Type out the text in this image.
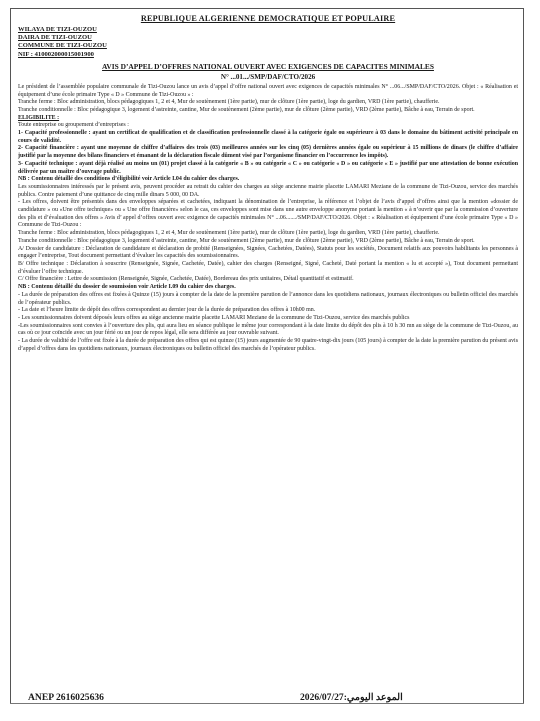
REPUBLIQUE ALGERIENNE DEMOCRATIQUE ET POPULAIRE
WILAYA DE TIZI-OUZOU
DAIRA DE TIZI-OUZOU
COMMUNE DE TIZI-OUZOU
NIF : 410002000015001900
AVIS D’APPEL D’OFFRES NATIONAL OUVERT AVEC EXIGENCES DE CAPACITES MINIMALES
N° ...01.../SMP/DAF/CTO/2026

Le président de l’assemblée populaire communale de Tizi-Ouzou lance un avis d’appel d’offre national ouvert avec exigences de capacités minimales N° ...06.../SMP/DAF/CTO/2026. Objet : « Réalisation et équipement d’une école primaire Type « D » Commune de Tizi-Ouzou » :

Tranche ferme : Bloc administration, blocs pédagogiques 1, 2 et 4, Mur de soutènement (1ère partie), mur de clôture (1ère partie), loge du gardien, VRD (1ère partie), chaufferie.

Tranche conditionnelle : Bloc pédagogique 3, logement d’astreinte, cantine, Mur de soutènement (2ème partie), mur de clôture (2ème partie), VRD (2ème partie), Bâche à eau, Terrain de sport.

ELIGIBILITE :

Toute entreprise ou groupement d’entreprises :

1- Capacité professionnelle : ayant un certificat de qualification et de classification professionnelle classé à la catégorie égale ou supérieure à 03 dans le domaine du bâtiment activité principale en cours de validité.

2- Capacité financière : ayant une moyenne de chiffre d’affaires des trois (03) meilleures années sur les cinq (05) dernières années égale ou supérieur à 15 millions de dinars (le chiffre d’affaire justifié par la moyenne des bilans financiers et émanant de la déclaration fiscale dûment visé par l’organisme financier en l’occurrence les impôts).

3- Capacité technique : ayant déjà réalisé au moins un (01) projet classé à la catégorie « B » ou catégorie « C » ou catégorie « D » ou catégorie « E » justifié par une attestation de bonne exécution délivrée par un maître d’ouvrage public.

NB : Contenu détaillé des conditions d’éligibilité voir Article I.04 du cahier des charges.

Les soumissionnaires intéressés par le présent avis, peuvent procéder au retrait du cahier des charges au siège ancienne mairie placette LAMARI Meziane de la commune de Tizi-Ouzou, service des marchés publics. Contre paiement d’une quittance de cinq mille dinars 5 000, 00 DA.

- Les offres, doivent être présentés dans des enveloppes séparées et cachetées, indiquant la dénomination de l’entreprise, la référence et l’objet de l’avis d’appel d’offres ainsi que la mention «dossier de candidature » ou «Une offre technique» ou « Une offre financière» selon le cas, ces enveloppes sont mise dans une autre enveloppe anonyme portant la mention « à n’ouvrir que par la commission d’ouverture des plis et d’évaluation des offres » Avis d’ appel d’offres ouvert avec exigence de capacités minimales N° ...06......./SMP/DAF/CTO/2026. Objet : « Réalisation et équipement d’une école primaire Type « D » Commune de Tizi-Ouzou :

Tranche ferme : Bloc administration, blocs pédagogiques 1, 2 et 4, Mur de soutènement (1ère partie), mur de clôture (1ère partie), loge du gardien, VRD (1ère partie), chaufferie.

Tranche conditionnelle : Bloc pédagogique 3, logement d’astreinte, cantine, Mur de soutènement (2ème partie), mur de clôture (2ème partie), VRD (2ème partie), Bâche à eau, Terrain de sport.

A/ Dossier de candidature : Déclaration de candidature et déclaration de probité (Renseignées, Signées, Cachetées, Datées), Statuts pour les sociétés, Document relatifs aux pouvoirs habilitants les personnes à engager l’entreprise, Tout document permettant d’évaluer les capacités des soumissionnaires.

B/ Offre technique : Déclaration à souscrire (Renseignée, Signée, Cachetée, Datée), cahier des charges (Renseigné, Signé, Cacheté, Daté portant la mention « lu et accepté »), Tout document permettant d’évaluer l’offre technique.

C/ Offre financière : Lettre de soumission (Renseignée, Signée, Cachetée, Datée), Bordereau des prix unitaires, Détail quantitatif et estimatif.

NB : Contenu détaillé du dossier de soumission voir Article I.09 du cahier des charges.

- La durée de préparation des offres est fixées à Quinze (15) jours à compter de la date de la première parution de l’annonce dans les quotidiens nationaux, journaux électroniques ou bulletin officiel des marchés de l’opérateur publics.

- La date et l’heure limite de dépôt des offres correspondent au dernier jour de la durée de préparation des offres à 10h00 mn.

- Les soumissionnaires doivent déposés leurs offres au siège ancienne mairie placette LAMARI Meziane de la commune de Tizi-Ouzou, service des marchés publics

-Les soumissionnaires sont convies à l’ouverture des plis, qui aura lieu en séance publique le même jour correspondant à la date limite du dépôt des plis à 10 h 30 mn au siège de la commune de Tizi-Ouzou, au cas où ce jour coïncide avec un jour férié ou un jour de repos légal, elle sera différée au jour ouvrable suivant.

- La durée de validité de l’offre est fixée à la durée de préparation des offres qui est quinze (15) jours augmentée de 90 quatre-vingt-dix jours (105 jours) à compter de la date la première parution du présent avis d’appel d’offres dans les quotidiens nationaux, journaux électroniques ou bulletin officiel des marchés de l’opérateur publics.

ANEP 2616025636	2026/07/27:الموعد اليومي
